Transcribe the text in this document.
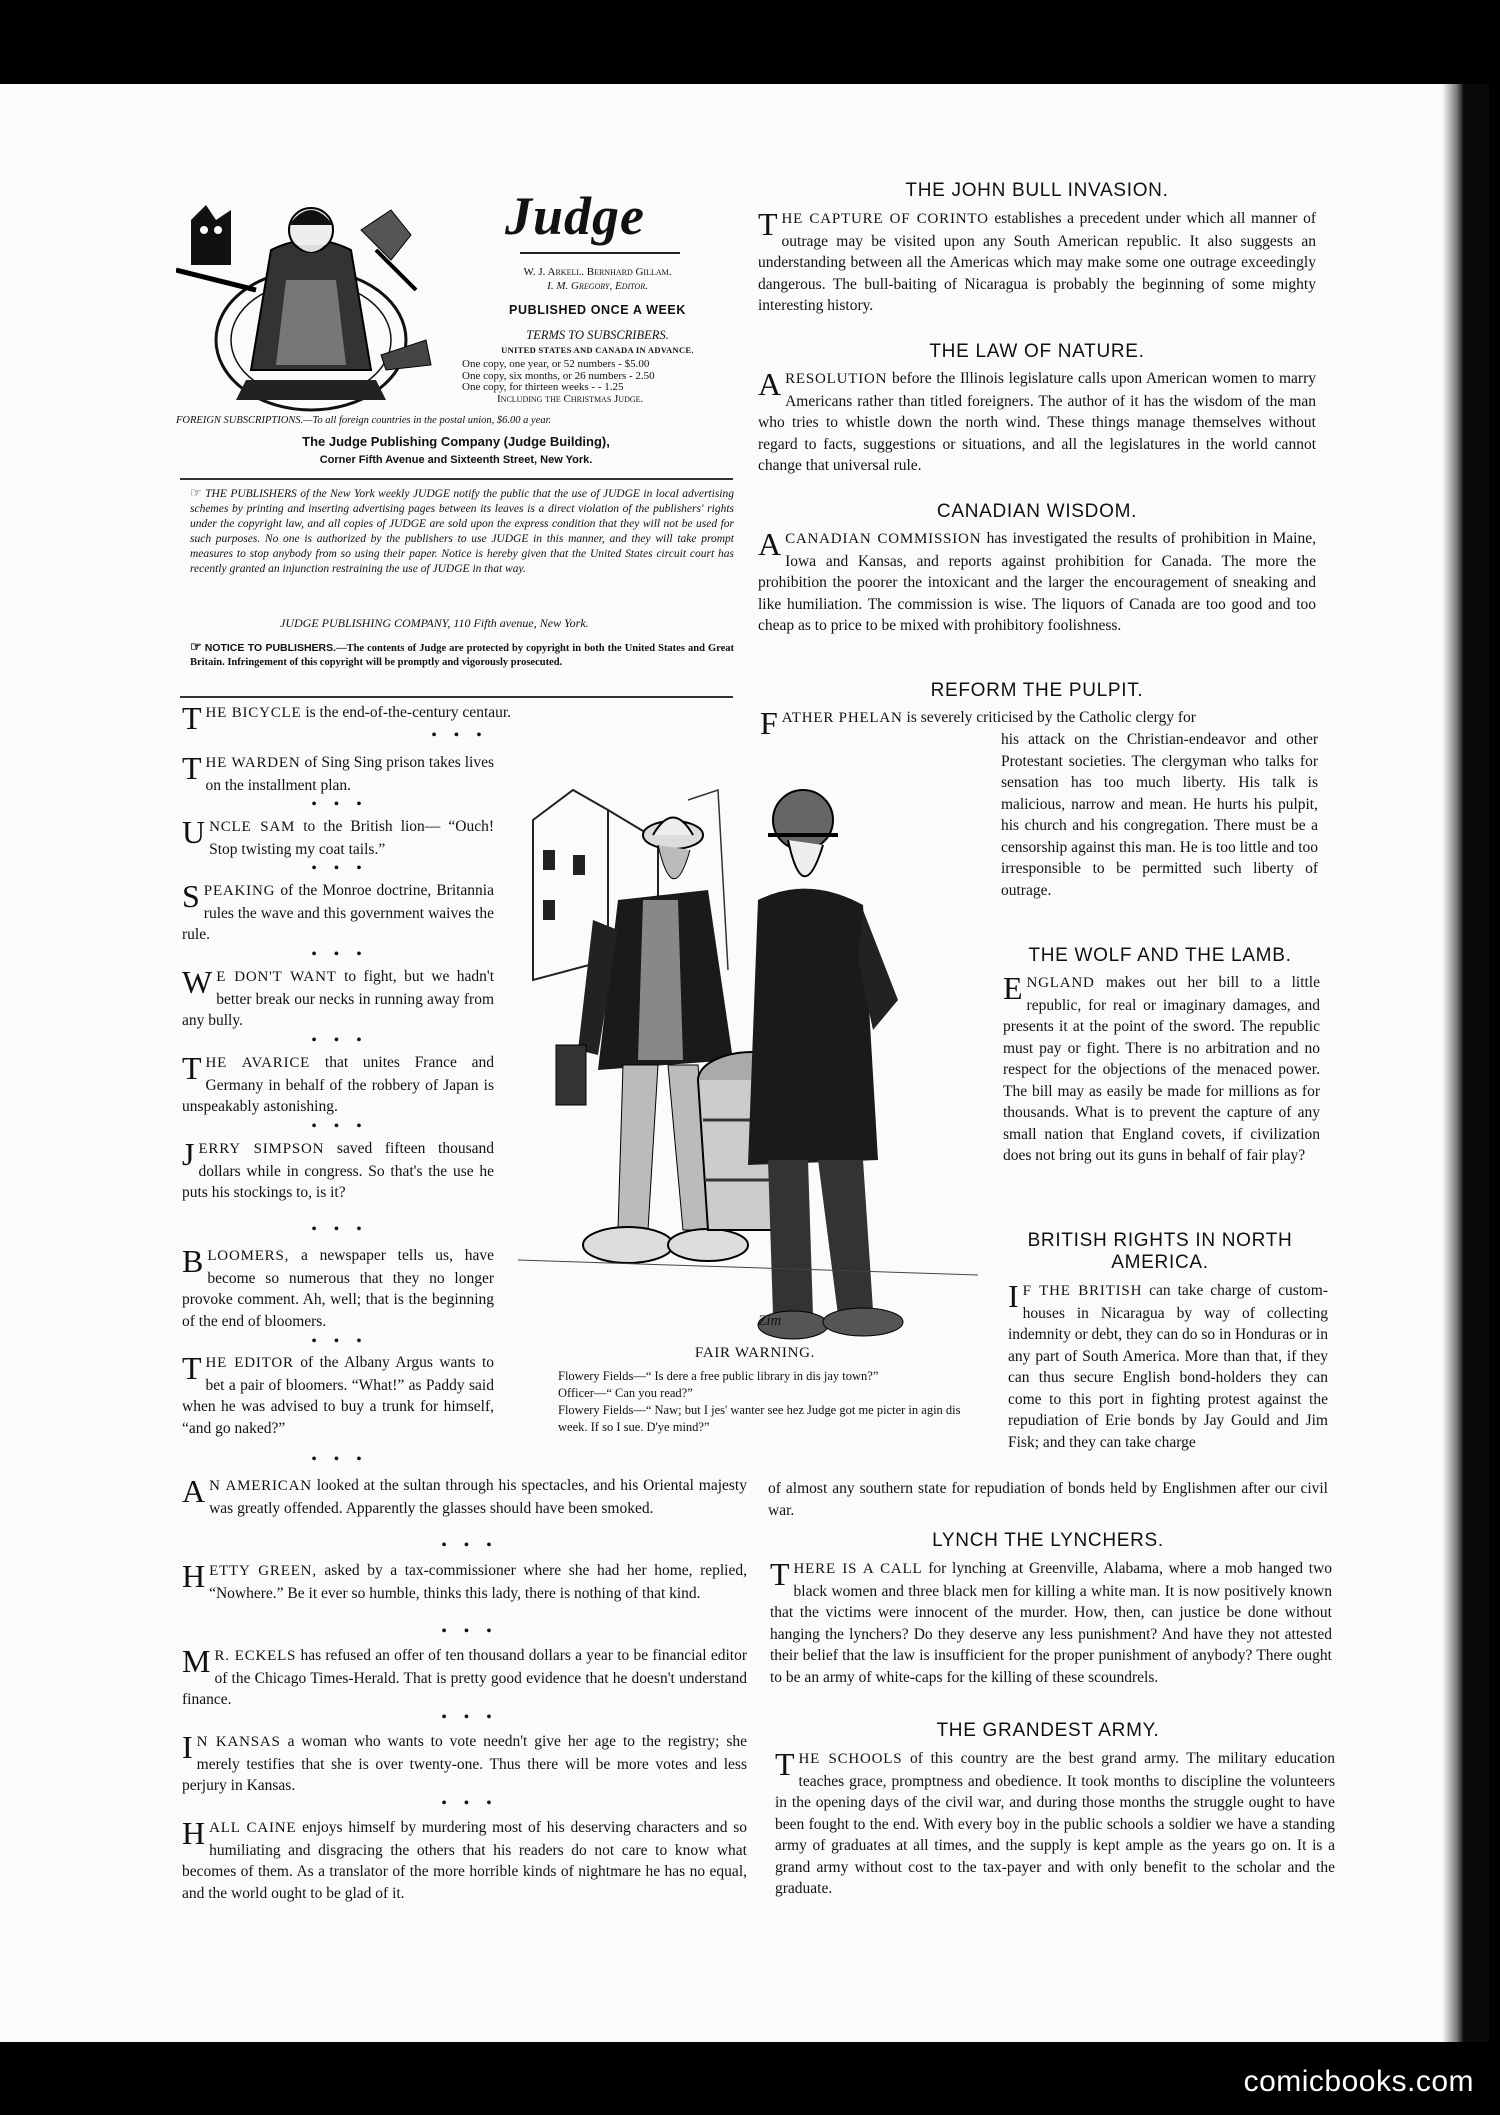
Judge
W. J. Arkell. Bernhard Gillam.
I. M. Gregory, Editor.
PUBLISHED ONCE A WEEK
TERMS TO SUBSCRIBERS.
UNITED STATES AND CANADA IN ADVANCE.
One copy, one year, or 52 numbers - $5.00
One copy, six months, or 26 numbers - 2.50
One copy, for thirteen weeks - - 1.25
Including the Christmas Judge.
FOREIGN SUBSCRIPTIONS.—To all foreign countries in the postal union, $6.00 a year.
The Judge Publishing Company (Judge Building),
Corner Fifth Avenue and Sixteenth Street, New York.
☞ THE PUBLISHERS of the New York weekly JUDGE notify the public that the use of JUDGE in local advertising schemes by printing and inserting advertising pages between its leaves is a direct violation of the publishers' rights under the copyright law, and all copies of JUDGE are sold upon the express condition that they will not be used for such purposes. No one is authorized by the publishers to use JUDGE in this manner, and they will take prompt measures to stop anybody from so using their paper. Notice is hereby given that the United States circuit court has recently granted an injunction restraining the use of JUDGE in that way.
JUDGE PUBLISHING COMPANY, 110 Fifth avenue, New York.
☞ NOTICE TO PUBLISHERS.—The contents of Judge are protected by copyright in both the United States and Great Britain. Infringement of this copyright will be promptly and vigorously prosecuted.

THE BICYCLE is the end-of-the-century centaur.

• • •

THE WARDEN of Sing Sing prison takes lives on the installment plan.

• • •

UNCLE SAM to the British lion— “Ouch! Stop twisting my coat tails.”

• • •

SPEAKING of the Monroe doctrine, Britannia rules the wave and this government waives the rule.

• • •

W E DON'T WANT to fight, but we hadn't better break our necks in running away from any bully.

• • •

THE AVARICE that unites France and Germany in behalf of the robbery of Japan is unspeakably astonishing.

• • •

JERRY SIMPSON saved fifteen thousand dollars while in congress. So that's the use he puts his stockings to, is it?

• • •

BLOOMERS, a newspaper tells us, have become so numerous that they no longer provoke comment. Ah, well; that is the beginning of the end of bloomers.

• • •

THE EDITOR of the Albany Argus wants to bet a pair of bloomers. “What!” as Paddy said when he was advised to buy a trunk for himself, “and go naked?”

• • •
Zim
FAIR WARNING.
Flowery Fields—“ Is dere a free public library in dis jay town?”
Officer—“ Can you read?”
Flowery Fields—“ Naw; but I jes' wanter see hez Judge got me picter in agin dis week. If so I sue. D'ye mind?”

A N AMERICAN looked at the sultan through his spectacles, and his Oriental majesty was greatly offended. Apparently the glasses should have been smoked.

• • •

HETTY GREEN, asked by a tax-commissioner where she had her home, replied, “Nowhere.” Be it ever so humble, thinks this lady, there is nothing of that kind.

• • •

M R. ECKELS has refused an offer of ten thousand dollars a year to be financial editor of the Chicago Times-Herald. That is pretty good evidence that he doesn't understand finance.

• • •

I N KANSAS a woman who wants to vote needn't give her age to the registry; she merely testifies that she is over twenty-one. Thus there will be more votes and less perjury in Kansas.

• • •

HALL CAINE enjoys himself by murdering most of his deserving characters and so humiliating and disgracing the others that his readers do not care to know what becomes of them. As a translator of the more horrible kinds of nightmare he has no equal, and the world ought to be glad of it.

THE JOHN BULL INVASION.

THE CAPTURE OF CORINTO establishes a precedent under which all manner of outrage may be visited upon any South American republic. It also suggests an understanding between all the Americas which may make some one outrage exceedingly dangerous. The bull-baiting of Nicaragua is probably the beginning of some mighty interesting history.

THE LAW OF NATURE.

A RESOLUTION before the Illinois legislature calls upon American women to marry Americans rather than titled foreigners. The author of it has the wisdom of the man who tries to whistle down the north wind. These things manage themselves without regard to facts, suggestions or situations, and all the legislatures in the world cannot change that universal rule.

CANADIAN WISDOM.

A CANADIAN COMMISSION has investigated the results of prohibition in Maine, Iowa and Kansas, and reports against prohibition for Canada. The more the prohibition the poorer the intoxicant and the larger the encouragement of sneaking and like humiliation. The commission is wise. The liquors of Canada are too good and too cheap as to price to be mixed with prohibitory foolishness.

REFORM THE PULPIT.

FATHER PHELAN is severely criticised by the Catholic clergy for

his attack on the Christian-endeavor and other Protestant societies. The clergyman who talks for sensation has too much liberty. His talk is malicious, narrow and mean. He hurts his pulpit, his church and his congregation. There must be a censorship against this man. He is too little and too irresponsible to be permitted such liberty of outrage.
THE WOLF AND THE LAMB.

ENGLAND makes out her bill to a little republic, for real or imaginary damages, and presents it at the point of the sword. The republic must pay or fight. There is no arbitration and no respect for the objections of the menaced power. The bill may as easily be made for millions as for thousands. What is to prevent the capture of any small nation that England covets, if civilization does not bring out its guns in behalf of fair play?

BRITISH RIGHTS IN NORTH AMERICA.

I F THE BRITISH can take charge of custom-houses in Nicaragua by way of collecting indemnity or debt, they can do so in Honduras or in any part of South America. More than that, if they can thus secure English bond-holders they can come to this port in fighting protest against the repudiation of Erie bonds by Jay Gould and Jim Fisk; and they can take charge

of almost any southern state for repudiation of bonds held by Englishmen after our civil war.
LYNCH THE LYNCHERS.

THERE IS A CALL for lynching at Greenville, Alabama, where a mob hanged two black women and three black men for killing a white man. It is now positively known that the victims were innocent of the murder. How, then, can justice be done without hanging the lynchers? Do they deserve any less punishment? And have they not attested their belief that the law is insufficient for the proper punishment of anybody? There ought to be an army of white-caps for the killing of these scoundrels.

THE GRANDEST ARMY.

THE SCHOOLS of this country are the best grand army. The military education teaches grace, promptness and obedience. It took months to discipline the volunteers in the opening days of the civil war, and during those months the struggle ought to have been fought to the end. With every boy in the public schools a soldier we have a standing army of graduates at all times, and the supply is kept ample as the years go on. It is a grand army without cost to the tax-payer and with only benefit to the scholar and the graduate.

comicbooks.com
